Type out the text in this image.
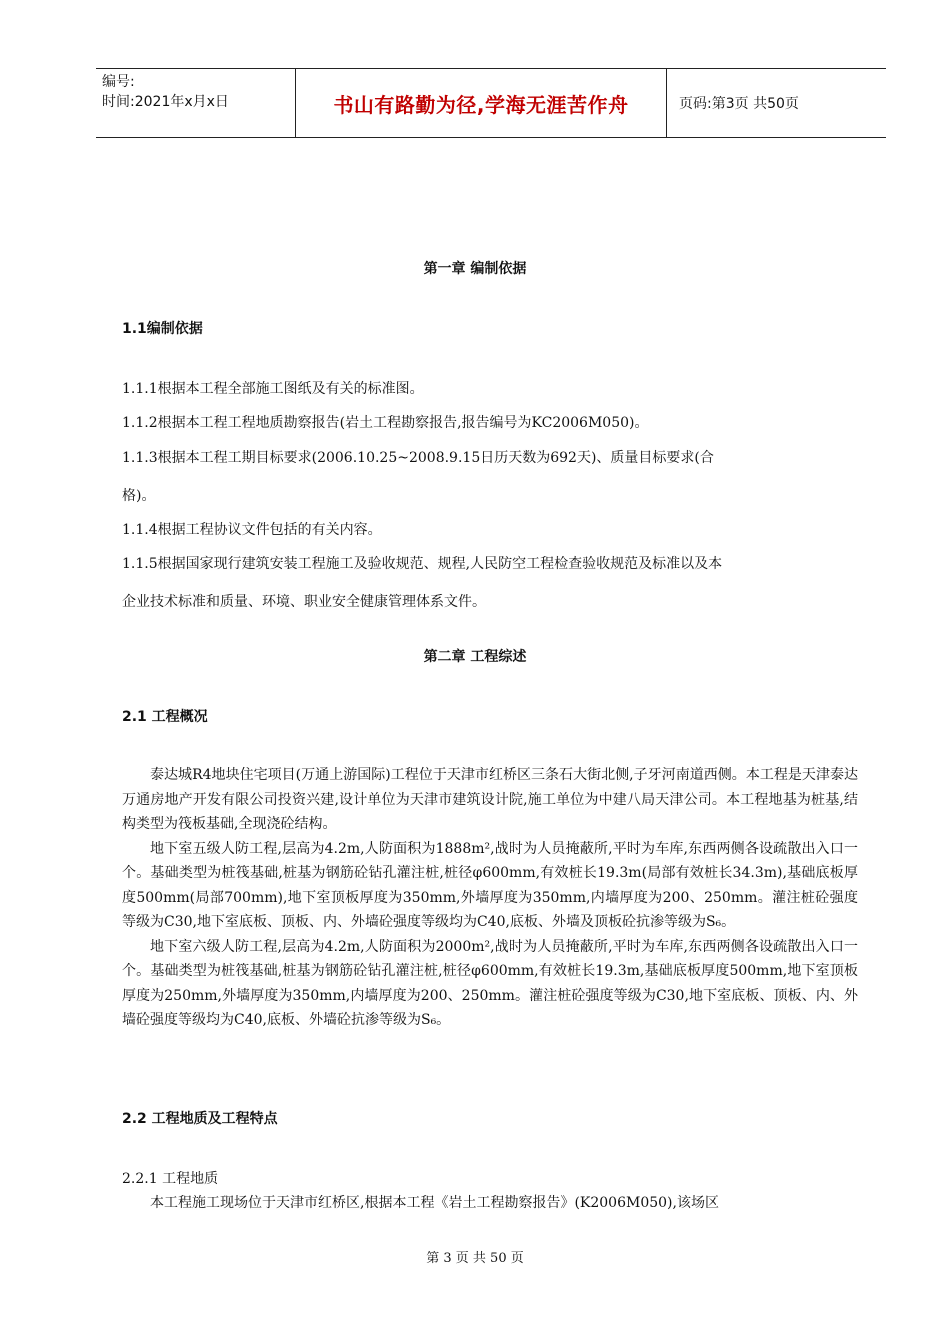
编号:
时间:2021年x月x日	书山有路勤为径,学海无涯苦作舟	页码:第3页 共50页
第一章 编制依据
1.1编制依据
1.1.1根据本工程全部施工图纸及有关的标准图。
1.1.2根据本工程工程地质勘察报告(岩土工程勘察报告,报告编号为KC2006M050)。
1.1.3根据本工程工期目标要求(2006.10.25~2008.9.15日历天数为692天)、质量目标要求(合
格)。
1.1.4根据工程协议文件包括的有关内容。
1.1.5根据国家现行建筑安装工程施工及验收规范、规程,人民防空工程检查验收规范及标准以及本
企业技术标准和质量、环境、职业安全健康管理体系文件。
第二章 工程综述
2.1 工程概况

泰达城R4地块住宅项目(万通上游国际)工程位于天津市红桥区三条石大街北侧,子牙河南道西侧。本工程是天津泰达万通房地产开发有限公司投资兴建,设计单位为天津市建筑设计院,施工单位为中建八局天津公司。本工程地基为桩基,结构类型为筏板基础,全现浇砼结构。

地下室五级人防工程,层高为4.2m,人防面积为1888m²,战时为人员掩蔽所,平时为车库,东西两侧各设疏散出入口一个。基础类型为桩筏基础,桩基为钢筋砼钻孔灌注桩,桩径φ600mm,有效桩长19.3m(局部有效桩长34.3m),基础底板厚度500mm(局部700mm),地下室顶板厚度为350mm,外墙厚度为350mm,内墙厚度为200、250mm。灌注桩砼强度等级为C30,地下室底板、顶板、内、外墙砼强度等级均为C40,底板、外墙及顶板砼抗渗等级为S₆。

地下室六级人防工程,层高为4.2m,人防面积为2000m²,战时为人员掩蔽所,平时为车库,东西两侧各设疏散出入口一个。基础类型为桩筏基础,桩基为钢筋砼钻孔灌注桩,桩径φ600mm,有效桩长19.3m,基础底板厚度500mm,地下室顶板厚度为250mm,外墙厚度为350mm,内墙厚度为200、250mm。灌注桩砼强度等级为C30,地下室底板、顶板、内、外墙砼强度等级均为C40,底板、外墙砼抗渗等级为S₆。

2.2 工程地质及工程特点
2.2.1 工程地质
本工程施工现场位于天津市红桥区,根据本工程《岩土工程勘察报告》(K2006M050),该场区
第 3 页 共 50 页
